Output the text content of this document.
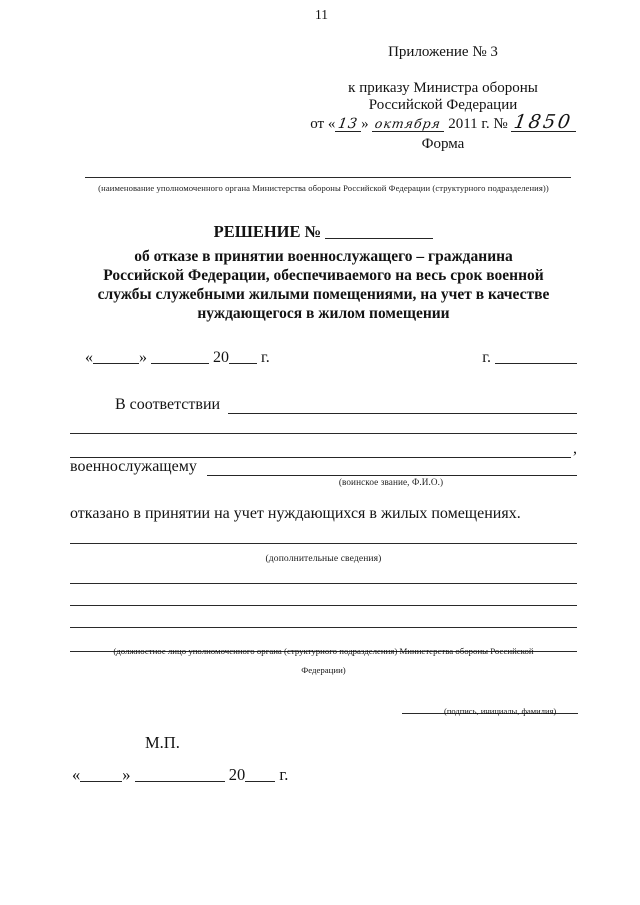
11
Приложение № 3
к приказу Министра обороны
Российской Федерации
от « 13 » октября 2011 г. № 1850
Форма
(наименование уполномоченного органа Министерства обороны Российской Федерации (структурного подразделения))
РЕШЕНИЕ №
об отказе в принятии военнослужащего – гражданина
Российской Федерации, обеспечиваемого на весь срок военной
службы служебными жилыми помещениями, на учет в качестве
нуждающегося в жилом помещении
«	»	20 г.	г.
В соответствии
,
военнослужащему
(воинское звание, Ф.И.О.)
отказано в принятии на учет нуждающихся в жилых помещениях.
(дополнительные сведения)
(должностное лицо уполномоченного органа (структурного подразделения) Министерства обороны Российской
Федерации)
(подпись, инициалы, фамилия)
М.П.
«	»	20 г.
